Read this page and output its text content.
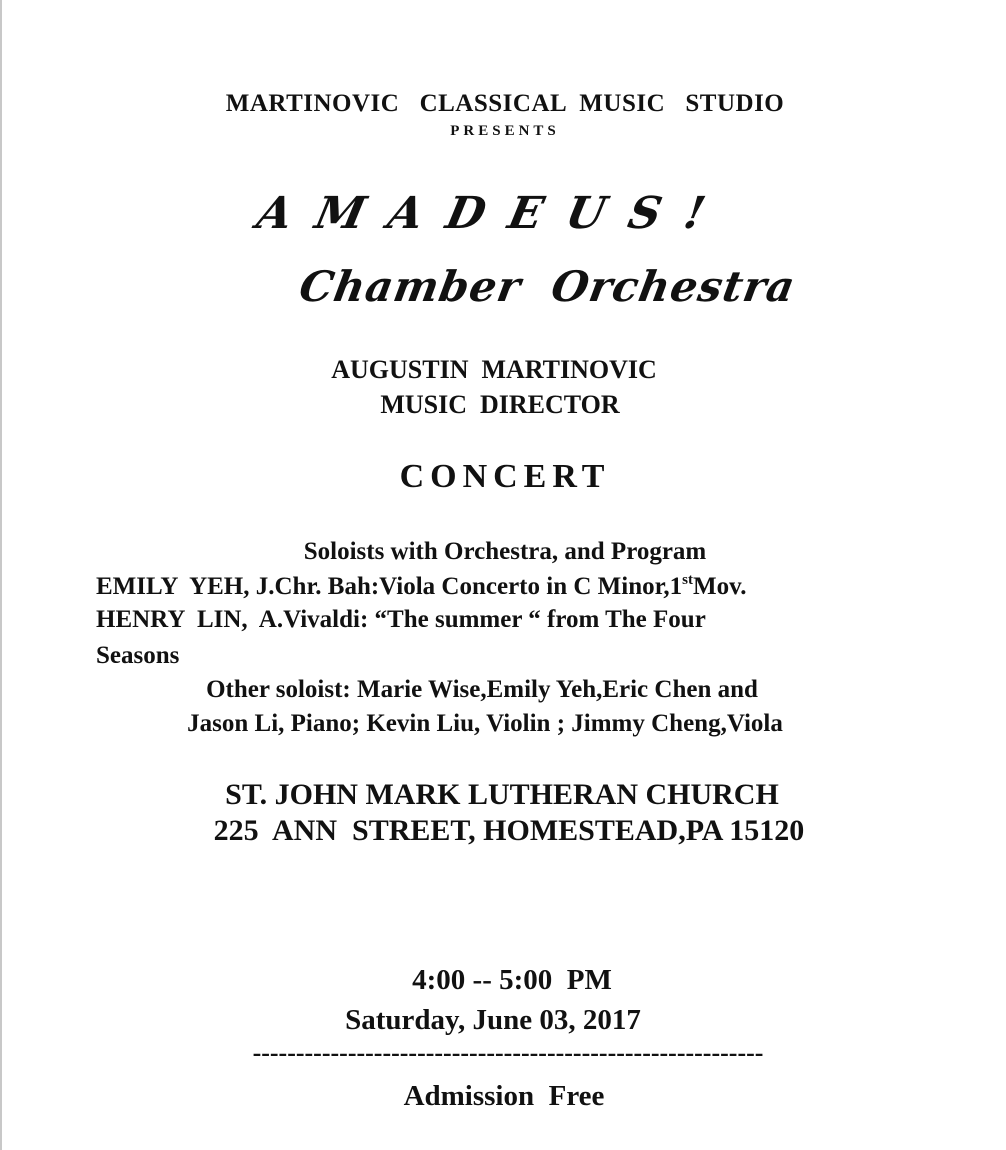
MARTINOVIC   CLASSICAL  MUSIC   STUDIO
PRESENTS
AMADEUS!
Chamber  Orchestra
AUGUSTIN  MARTINOVIC
MUSIC  DIRECTOR
CONCERT
Soloists with Orchestra, and Program
EMILY  YEH, J.Chr. Bah:Viola Concerto in C Minor,1stMov.
HENRY  LIN,  A.Vivaldi: “The summer “ from The Four
Seasons
Other soloist: Marie Wise,Emily Yeh,Eric Chen and
Jason Li, Piano; Kevin Liu, Violin ; Jimmy Cheng,Viola
ST. JOHN MARK LUTHERAN CHURCH
225  ANN  STREET, HOMESTEAD,PA 15120
4:00 -- 5:00  PM
Saturday, June 03, 2017
-----------------------------------------------------------
Admission  Free
